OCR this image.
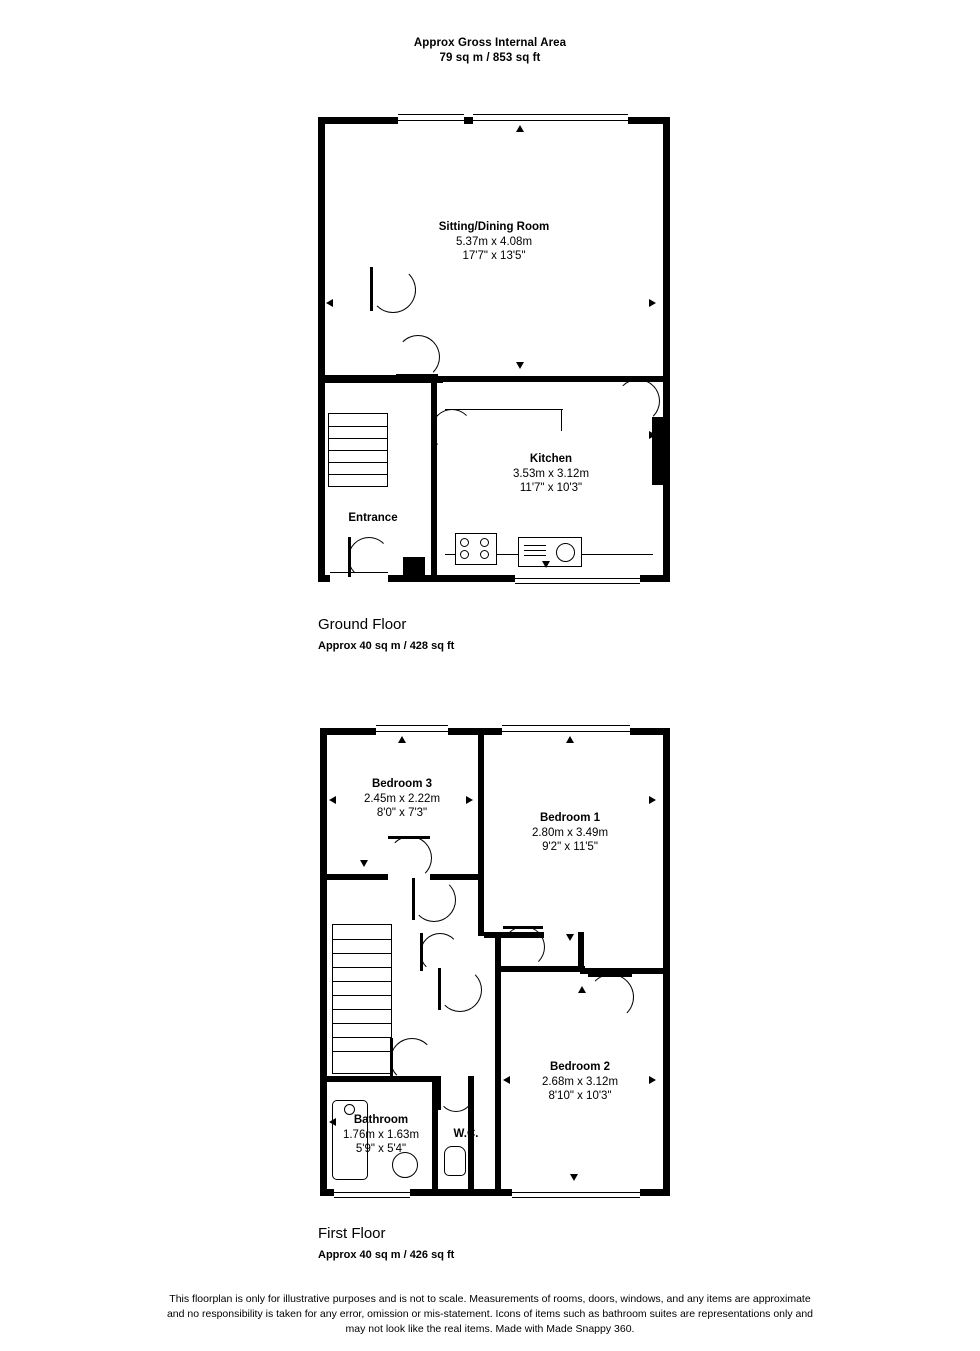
Approx Gross Internal Area
79 sq m / 853 sq ft
Sitting/Dining Room
5.37m x 4.08m
17'7" x 13'5"
Kitchen
3.53m x 3.12m
11'7" x 10'3"
Entrance
Ground Floor
Approx 40 sq m / 428 sq ft
Bedroom 3
2.45m x 2.22m
8'0" x 7'3"	Bedroom 1
2.80m x 3.49m
9'2" x 11'5"
Bedroom 2
2.68m x 3.12m
8'10" x 10'3"
Bathroom
1.76m x 1.63m
5'9" x 5'4"
W.C.
First Floor
Approx 40 sq m / 426 sq ft
This floorplan is only for illustrative purposes and is not to scale. Measurements of rooms, doors, windows, and any items are approximate
and no responsibility is taken for any error, omission or mis-statement. Icons of items such as bathroom suites are representations only and
may not look like the real items. Made with Made Snappy 360.
